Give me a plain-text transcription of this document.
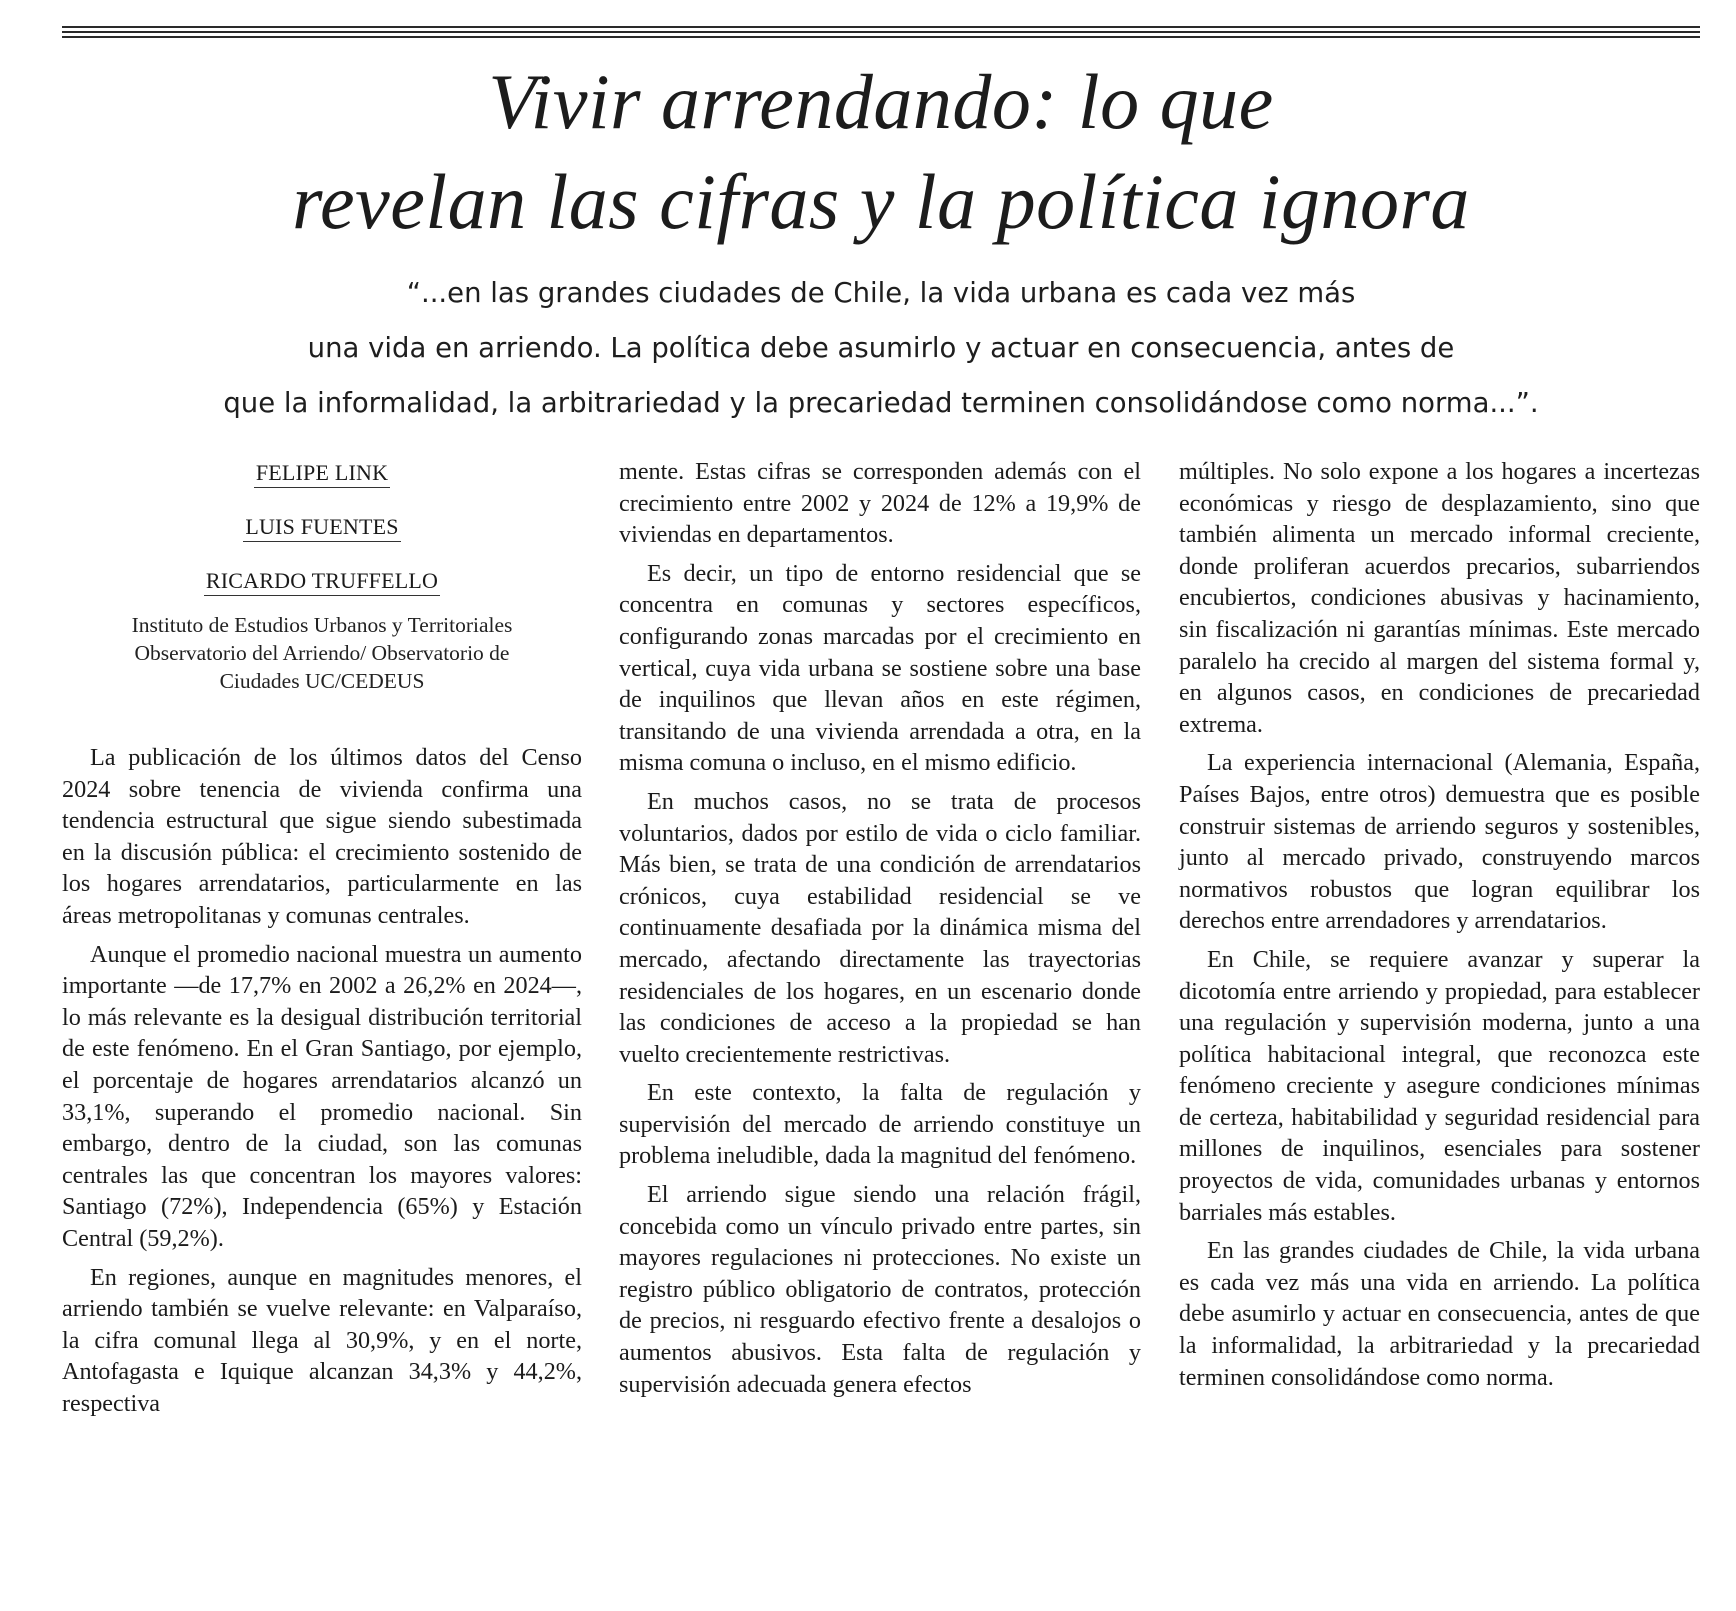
Vivir arrendando: lo que
revelan las cifras y la política ignora
“...en las grandes ciudades de Chile, la vida urbana es cada vez más
una vida en arriendo. La política debe asumirlo y actuar en consecuencia, antes de
que la informalidad, la arbitrariedad y la precariedad terminen consolidándose como norma...”.
FELIPE LINK
LUIS FUENTES
RICARDO TRUFFELLO
Instituto de Estudios Urbanos y Territoriales
Observatorio del Arriendo/ Observatorio de
Ciudades UC/CEDEUS

La publicación de los últimos datos del Censo 2024 sobre tenencia de vivienda confirma una tendencia estructural que sigue siendo subestimada en la discusión pública: el crecimiento sostenido de los hogares arrendatarios, particularmente en las áreas metropolitanas y comunas centrales.

Aunque el promedio nacional muestra un aumento importante —de 17,7% en 2002 a 26,2% en 2024—, lo más relevante es la desigual distribución territorial de este fenómeno. En el Gran Santiago, por ejemplo, el porcentaje de hogares arrendatarios alcanzó un 33,1%, superando el promedio nacional. Sin embargo, dentro de la ciudad, son las comunas centrales las que concentran los mayores valores: Santiago (72%), Independencia (65%) y Estación Central (59,2%).

En regiones, aunque en magnitudes menores, el arriendo también se vuelve relevante: en Valparaíso, la cifra comunal llega al 30,9%, y en el norte, Antofagasta e Iquique alcanzan 34,3% y 44,2%, respectiva

mente. Estas cifras se corresponden además con el crecimiento entre 2002 y 2024 de 12% a 19,9% de viviendas en departamentos.

Es decir, un tipo de entorno residencial que se concentra en comunas y sectores específicos, configurando zonas marcadas por el crecimiento en vertical, cuya vida urbana se sostiene sobre una base de inquilinos que llevan años en este régimen, transitando de una vivienda arrendada a otra, en la misma comuna o incluso, en el mismo edificio.

En muchos casos, no se trata de procesos voluntarios, dados por estilo de vida o ciclo familiar. Más bien, se trata de una condición de arrendatarios crónicos, cuya estabilidad residencial se ve continuamente desafiada por la dinámica misma del mercado, afectando directamente las trayectorias residenciales de los hogares, en un escenario donde las condiciones de acceso a la propiedad se han vuelto crecientemente restrictivas.

En este contexto, la falta de regulación y supervisión del mercado de arriendo constituye un problema ineludible, dada la magnitud del fenómeno.

El arriendo sigue siendo una relación frágil, concebida como un vínculo privado entre partes, sin mayores regulaciones ni protecciones. No existe un registro público obligatorio de contratos, protección de precios, ni resguardo efectivo frente a desalojos o aumentos abusivos. Esta falta de regulación y supervisión adecuada genera efectos

múltiples. No solo expone a los hogares a incertezas económicas y riesgo de desplazamiento, sino que también alimenta un mercado informal creciente, donde proliferan acuerdos precarios, subarriendos encubiertos, condiciones abusivas y hacinamiento, sin fiscalización ni garantías mínimas. Este mercado paralelo ha crecido al margen del sistema formal y, en algunos casos, en condiciones de precariedad extrema.

La experiencia internacional (Alemania, España, Países Bajos, entre otros) demuestra que es posible construir sistemas de arriendo seguros y sostenibles, junto al mercado privado, construyendo marcos normativos robustos que logran equilibrar los derechos entre arrendadores y arrendatarios.

En Chile, se requiere avanzar y superar la dicotomía entre arriendo y propiedad, para establecer una regulación y supervisión moderna, junto a una política habitacional integral, que reconozca este fenómeno creciente y asegure condiciones mínimas de certeza, habitabilidad y seguridad residencial para millones de inquilinos, esenciales para sostener proyectos de vida, comunidades urbanas y entornos barriales más estables.

En las grandes ciudades de Chile, la vida urbana es cada vez más una vida en arriendo. La política debe asumirlo y actuar en consecuencia, antes de que la informalidad, la arbitrariedad y la precariedad terminen consolidándose como norma.
